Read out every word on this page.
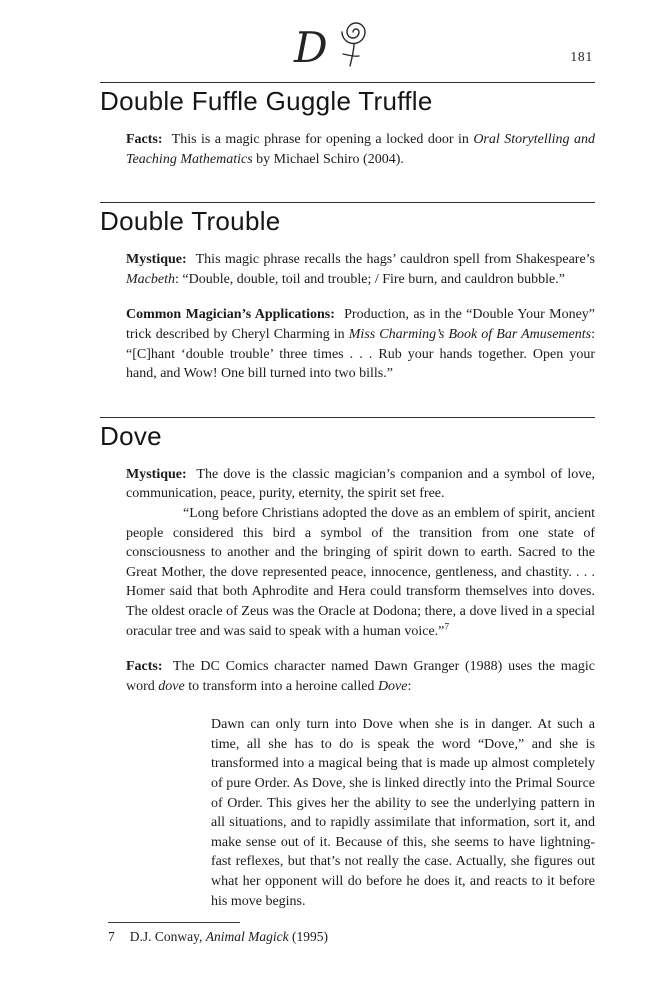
D	181
Double Fuffle Guggle Truffle

Facts: This is a magic phrase for opening a locked door in Oral Storytelling and Teaching Mathematics by Michael Schiro (2004).

Double Trouble

Mystique: This magic phrase recalls the hags’ cauldron spell from Shakespeare’s Macbeth: “Double, double, toil and trouble; / Fire burn, and cauldron bubble.”

Common Magician’s Applications: Production, as in the “Double Your Money” trick described by Cheryl Charming in Miss Charming’s Book of Bar Amusements: “[C]hant ‘double trouble’ three times . . . Rub your hands together. Open your hand, and Wow! One bill turned into two bills.”

Dove

Mystique: The dove is the classic magician’s companion and a symbol of love, communication, peace, purity, eternity, the spirit set free.

“Long before Christians adopted the dove as an emblem of spirit, ancient people considered this bird a symbol of the transition from one state of consciousness to another and the bringing of spirit down to earth. Sacred to the Great Mother, the dove represented peace, innocence, gentleness, and chastity. . . . Homer said that both Aphrodite and Hera could transform themselves into doves. The oldest oracle of Zeus was the Oracle at Dodona; there, a dove lived in a special oracular tree and was said to speak with a human voice.”$^7$

Facts: The DC Comics character named Dawn Granger (1988) uses the magic word dove to transform into a heroine called Dove:

Dawn can only turn into Dove when she is in danger. At such a time, all she has to do is speak the word “Dove,” and she is transformed into a magical being that is made up almost completely of pure Order. As Dove, she is linked directly into the Primal Source of Order. This gives her the ability to see the underlying pattern in all situations, and to rapidly assimilate that information, sort it, and make sense out of it. Because of this, she seems to have lightning-fast reflexes, but that’s not really the case. Actually, she figures out what her opponent will do before he does it, and reacts to it before his move begins.

7 D.J. Conway, Animal Magick (1995)
